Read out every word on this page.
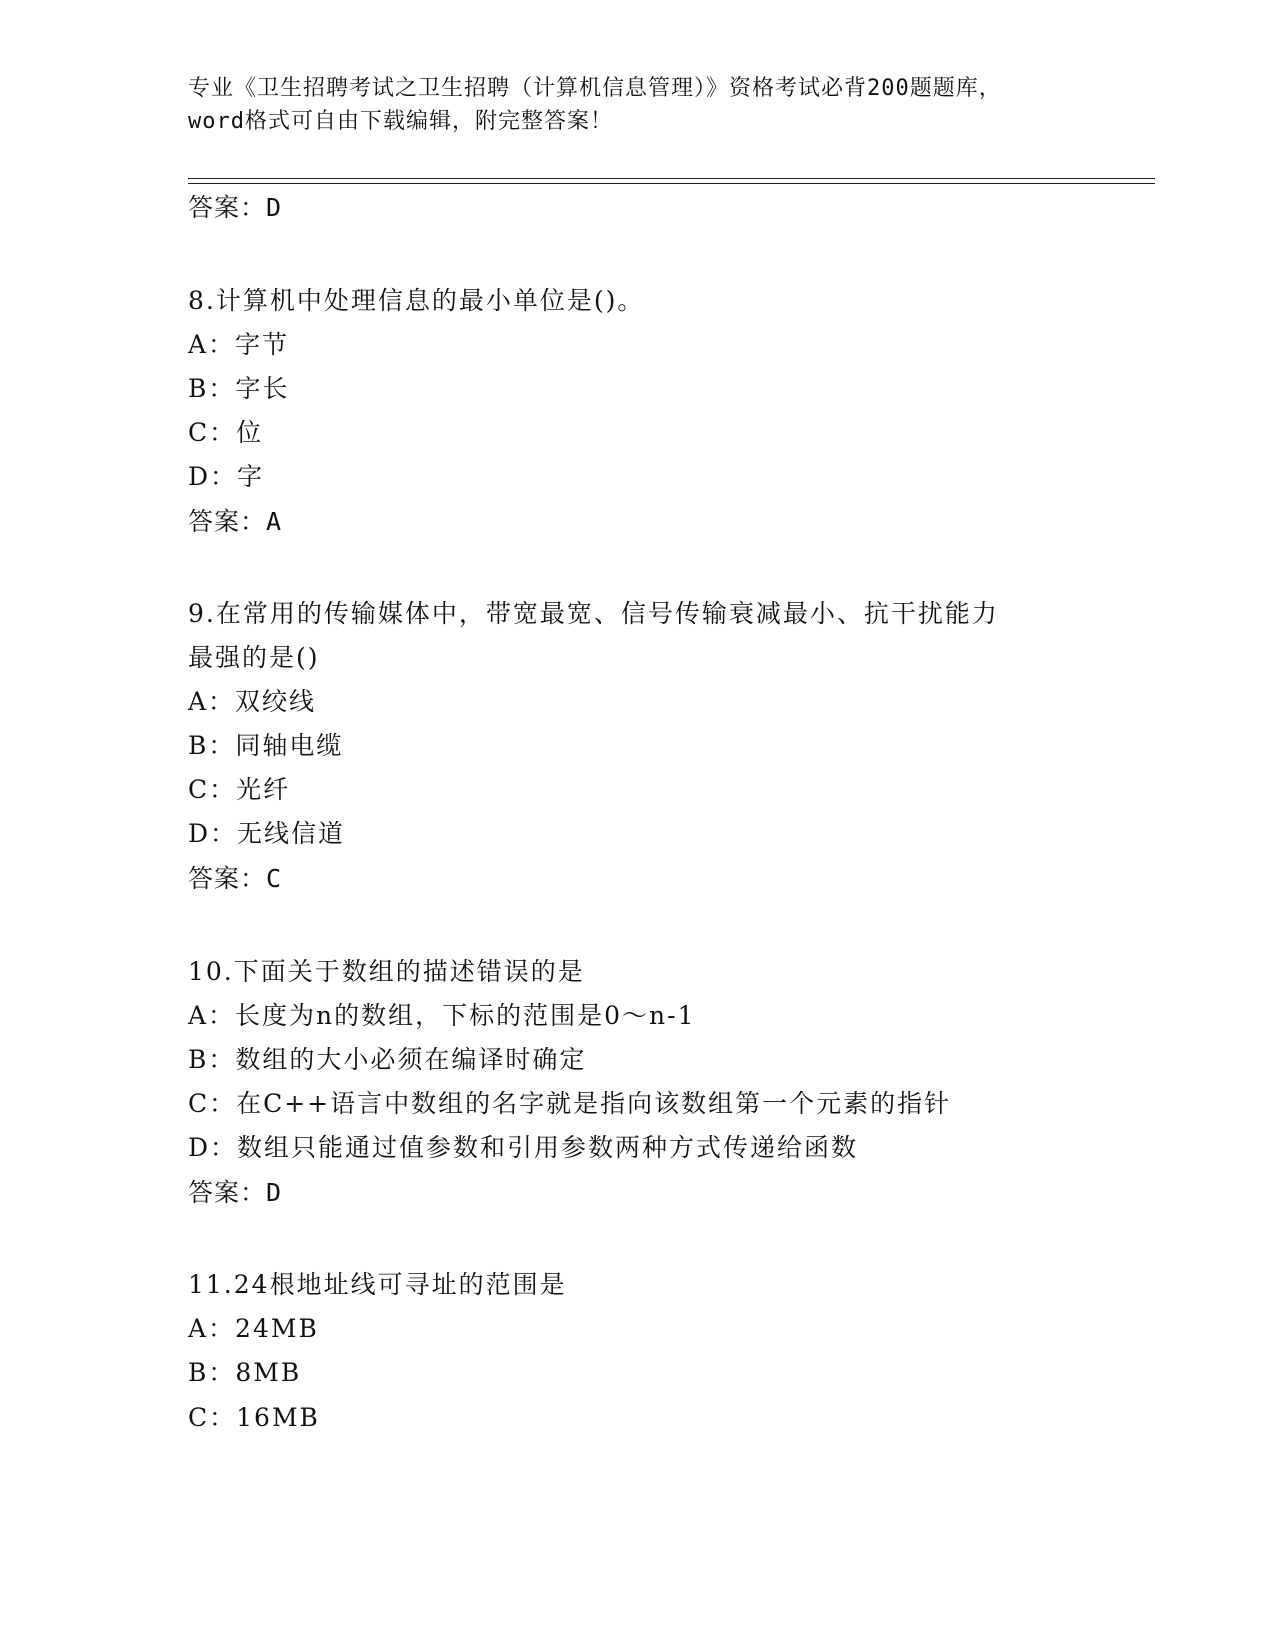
专业《卫生招聘考试之卫生招聘（计算机信息管理）》资格考试必背200题题库，
word格式可自由下载编辑，附完整答案！
答案：D
8.计算机中处理信息的最小单位是()。
A：字节
B：字长
C：位
D：字
答案：A
9.在常用的传输媒体中，带宽最宽、信号传输衰减最小、抗干扰能力
最强的是()
A：双绞线
B：同轴电缆
C：光纤
D：无线信道
答案：C
10.下面关于数组的描述错误的是
A：长度为n的数组，下标的范围是0～n-1
B：数组的大小必须在编译时确定
C：在C++语言中数组的名字就是指向该数组第一个元素的指针
D：数组只能通过值参数和引用参数两种方式传递给函数
答案：D
11.24根地址线可寻址的范围是
A：24MB
B：8MB
C：16MB
